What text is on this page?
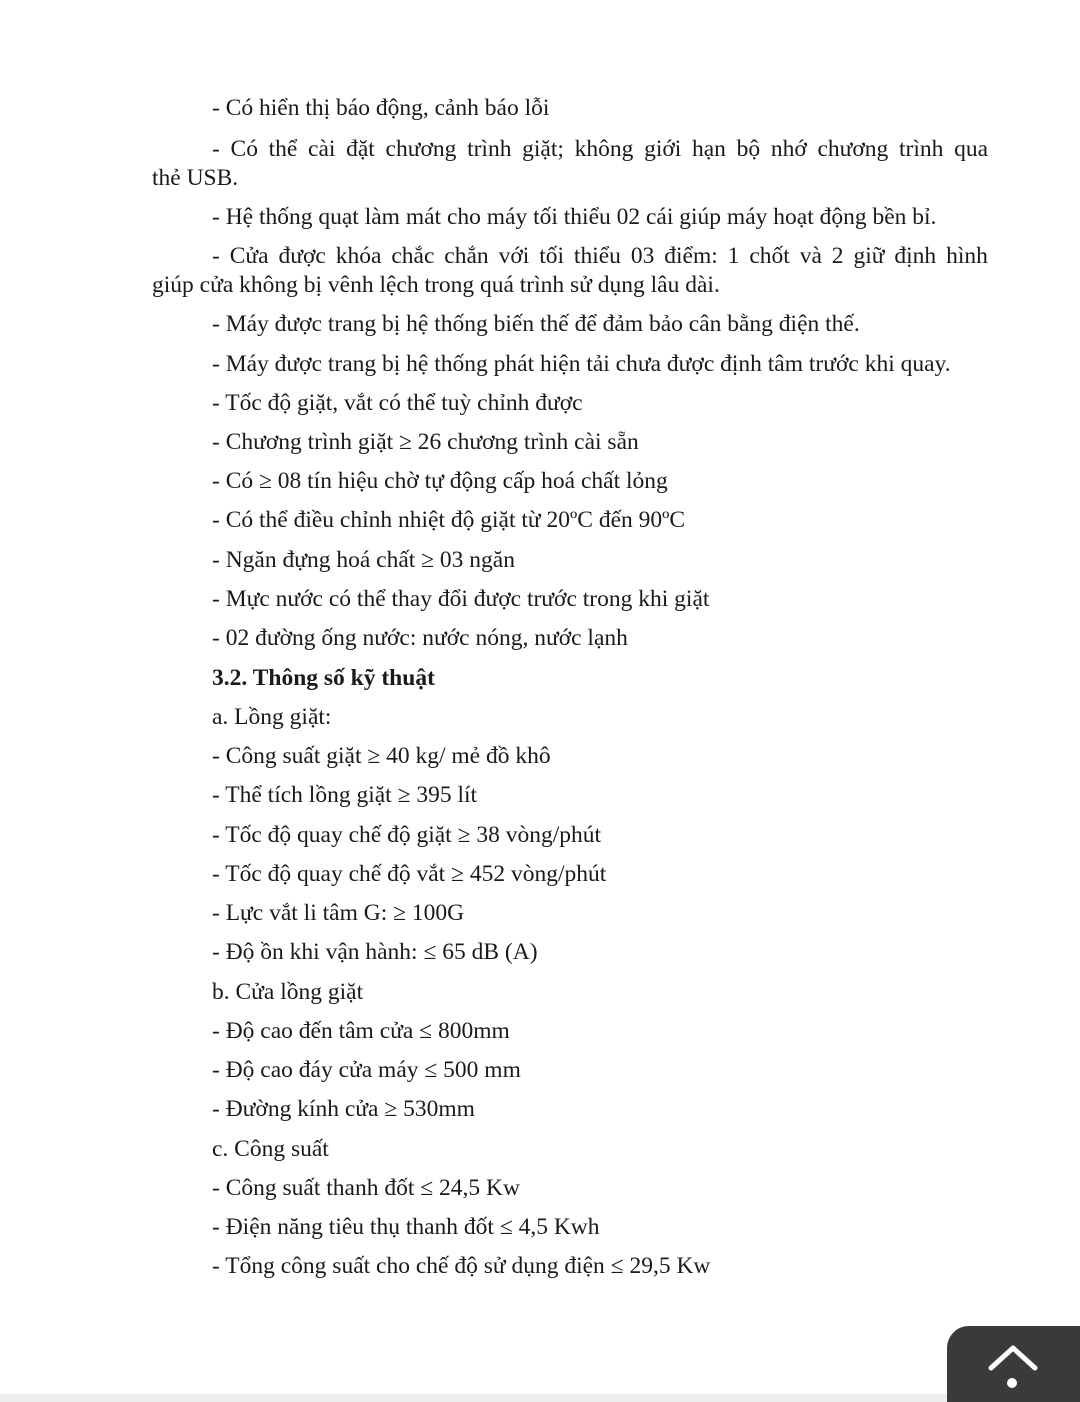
- Có hiển thị báo động, cảnh báo lỗi
- Có thể cài đặt chương trình giặt; không giới hạn bộ nhớ chương trình qua
thẻ USB.
- Hệ thống quạt làm mát cho máy tối thiểu 02 cái giúp máy hoạt động bền bỉ.
- Cửa được khóa chắc chắn với tối thiểu 03 điểm: 1 chốt và 2 giữ định hình
giúp cửa không bị vênh lệch trong quá trình sử dụng lâu dài.
- Máy được trang bị hệ thống biến thế để đảm bảo cân bằng điện thế.
- Máy được trang bị hệ thống phát hiện tải chưa được định tâm trước khi quay.
- Tốc độ giặt, vắt có thể tuỳ chỉnh được
- Chương trình giặt ≥ 26 chương trình cài sẵn
- Có ≥ 08 tín hiệu chờ tự động cấp hoá chất lỏng
- Có thể điều chỉnh nhiệt độ giặt từ 20ºC đến 90ºC
- Ngăn đựng hoá chất ≥ 03 ngăn
- Mực nước có thể thay đổi được trước trong khi giặt
- 02 đường ống nước: nước nóng, nước lạnh
3.2. Thông số kỹ thuật
a. Lồng giặt:
- Công suất giặt ≥ 40 kg/ mẻ đồ khô
- Thể tích lồng giặt ≥ 395 lít
- Tốc độ quay chế độ giặt ≥ 38 vòng/phút
- Tốc độ quay chế độ vắt ≥ 452 vòng/phút
- Lực vắt li tâm G: ≥ 100G
- Độ ồn khi vận hành: ≤ 65 dB (A)
b. Cửa lồng giặt
- Độ cao đến tâm cửa ≤ 800mm
- Độ cao đáy cửa máy ≤ 500 mm
- Đường kính cửa ≥ 530mm
c. Công suất
- Công suất thanh đốt ≤ 24,5 Kw
- Điện năng tiêu thụ thanh đốt ≤ 4,5 Kwh
- Tổng công suất cho chế độ sử dụng điện ≤ 29,5 Kw
